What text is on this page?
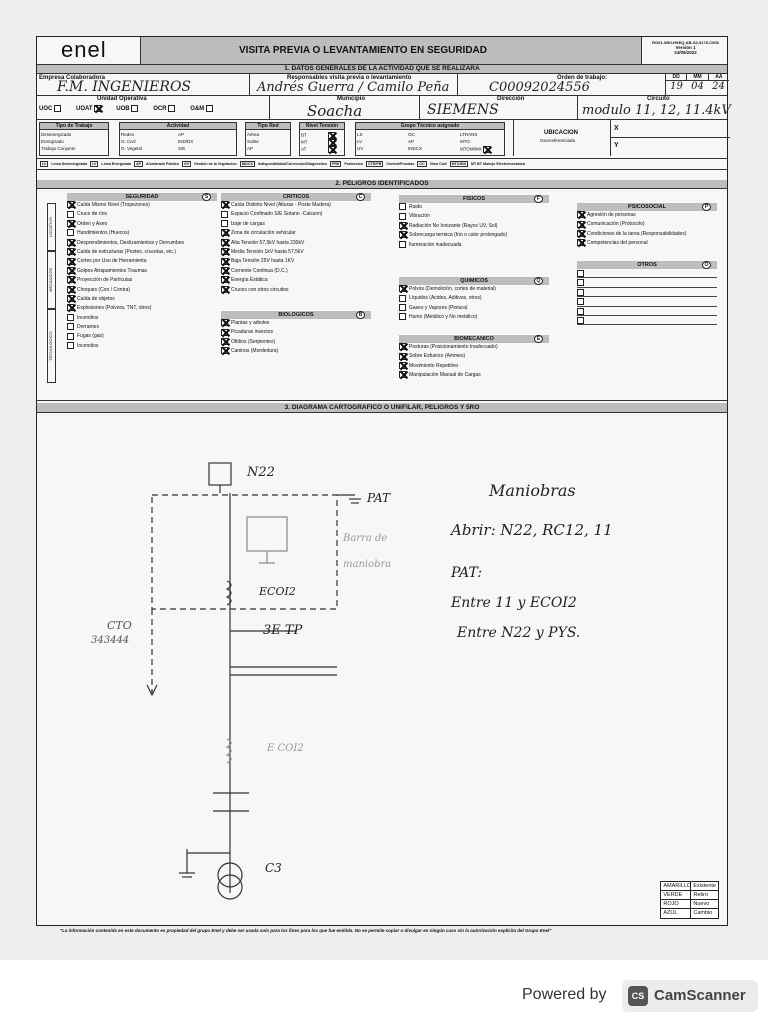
enel	VISITA PREVIA O LEVANTAMIENTO EN SEGURIDAD
RG01-WKI-HSEQ-AB-S2-9175-C006
Versión 1
24/05/2022
1. DATOS GENERALES DE LA ACTIVIDAD QUE SE REALIZARA
Empresa Colaboradora
F.M. INGENIEROS
Responsables visita previa o levantamiento
Andrés Guerra / Camilo Peña
Orden de trabajo:
C00092024556
DD	MM	AA
19 04 24
Unidad Operativa
UOC	UOAT	UOB	OCR	O&M
Municipio
Soacha
Dirección
SIEMENS
Circuito
modulo 11, 12, 11.4kV
Tipo de Trabajo
Desenergizado
Energizado
Trabajo Conjunto
Actividad
Redes	AP
O. Civil	IND/DX
O. Vegetal	S/E
Tipo Red
Aérea
Subte
AP
Nivel Tensión
BT
MT
AT
Grupo Técnico asignado
LS
LV
UV
OC
AP
INDCX
LTRANS
MTO
MTOM/MX
UBICACION
Georreferenciada
X
Y
LV	Línea Desenergizada	LV	Línea Energizada	AP	Alumbrado Público	GV	Gestión de la Vegetación	INDCX	Indisponibilidad/Corrección/Diagnóstico	PRE	Protección	CTR/PB	Control/Pruebas	OC	Obra Civil	MTO/MX	MT BT Manejo Electromecánica
2. PELIGROS IDENTIFICADOS
LOCATIVO
MECANICOS
TECNOLOGICO
SEGURIDAD	S
Caída Mismo Nivel (Tropezones)
Cruce de ríos
Orden y Aseo
Hundimientos (Huecos)
Desprendimientos, Deslizamientos y Derrumbes
Caída de estructuras (Postes, crucetas, etc.)
Cortes por Uso de Herramienta
Golpes Atrapamientos Traumas
Proyección de Partículas
Choques (Con / Contra)
Caída de objetos
Explosiones (Polvora, TNT, otros)
Incendios
Derrames
Fugas (gas)
Incendios
CRITICOS	C
Caída Distinto Nivel (Alturas - Poste Madera)
Espacio Confinado S/E Sotano -Caisson)
Izaje de cargas
Zona de circulación vehicular
Alta Tensión 57,5kV hasta 230kV
Media Tensión 1kV hasta 57,5kV
Baja Tensión 25V hasta 1KV
Corriente Continua (D.C.)
Energía Estática
Cruces con otros circuitos
BIOLOGICOS	B
Plantas y arboles
Picaduras insectos
Ofidios (Serpientes)
Caninos (Mordedura)
FISICOS	F
Ruido
Vibración
Radiación No Ionizante (Rayos UV, Sol)
Sobrecarga termica (frio o calor prolongado)
Iluminación inadecuada
QUIMICOS	Q
Polvos (Demolición, cortes de material)
Líquidos (Acidos, Aditivos, otros)
Gases y Vapores (Pintura)
Humo (Metálico y No metálico)
BIOMECANICO	E
Posturas (Posicionamiento Inadecuado)
Sobre Esfuerzo (Ammes)
Movimiento Repetitivo
Manipulación Manual de Cargas
PSICOSOCIAL	P
Agresión de personas
Comunicación (Protocolo)
Condiciones de la tarea (Responsabilidades)
Competencias del personal
OTROS	O
3. DIAGRAMA CARTOGRAFICO O UNIFILAR, PELIGROS Y 5RO
N22
PAT
ECOI2
CTO
343444
3E TP
C3
Barra de
maniobra
E COI2
Maniobras
Abrir: N22, RC12, 11
PAT:
Entre 11 y ECOI2
Entre N22 y PYS.
AMARILLO Existente
VERDE	Retiro
ROJO	Nuevo
AZUL	Cambio
"La información contenida en este documento es propiedad del grupo Enel y debe ser usada solo para los fines para los que fue emitida. No se permite copiar o divulgar en ningún caso sin la autorización explícita del Grupo Enel"
Powered by	CS CamScanner
